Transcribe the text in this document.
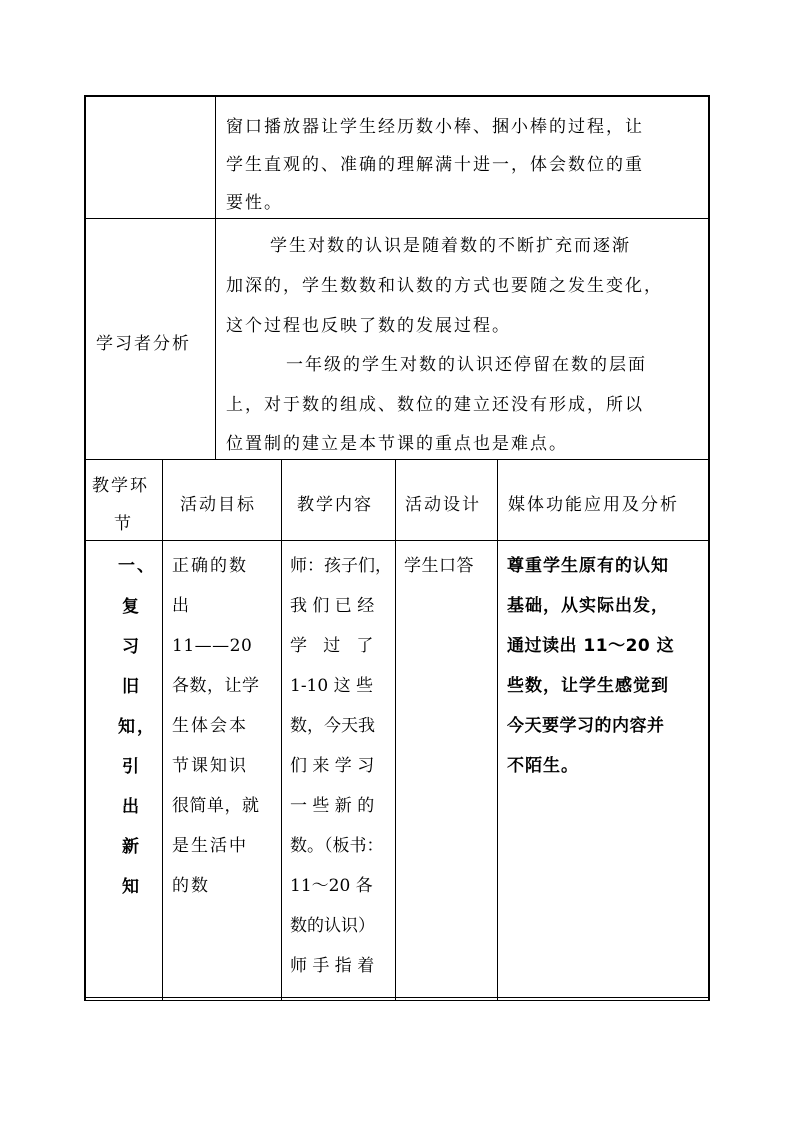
窗口播放器让学生经历数小棒、捆小棒的过程，让
学生直观的、准确的理解满十进一，体会数位的重
要性。
学习者分析
学生对数的认识是随着数的不断扩充而逐渐
加深的，学生数数和认数的方式也要随之发生变化，
这个过程也反映了数的发展过程。
一年级的学生对数的认识还停留在数的层面
上，对于数的组成、数位的建立还没有形成，所以
位置制的建立是本节课的重点也是难点。
教学环
节
活动目标 教学内容 活动设计 媒体功能应用及分析
一、
复
习
旧
知，
引
出
新
知
正确的数
出
11——20
各数，让学
生体会本
节课知识
很简单，就
是生活中
的数
师：孩子们，
我 们 已 经
学   过   了
1-10 这 些
数，今天我
们 来 学 习
一 些 新 的
数。（板书：
11～20 各
数的认识）
师 手 指 着
学生口答 尊重学生原有的认知
基础，从实际出发，
通过读出 11～20 这
些数，让学生感觉到
今天要学习的内容并
不陌生。
